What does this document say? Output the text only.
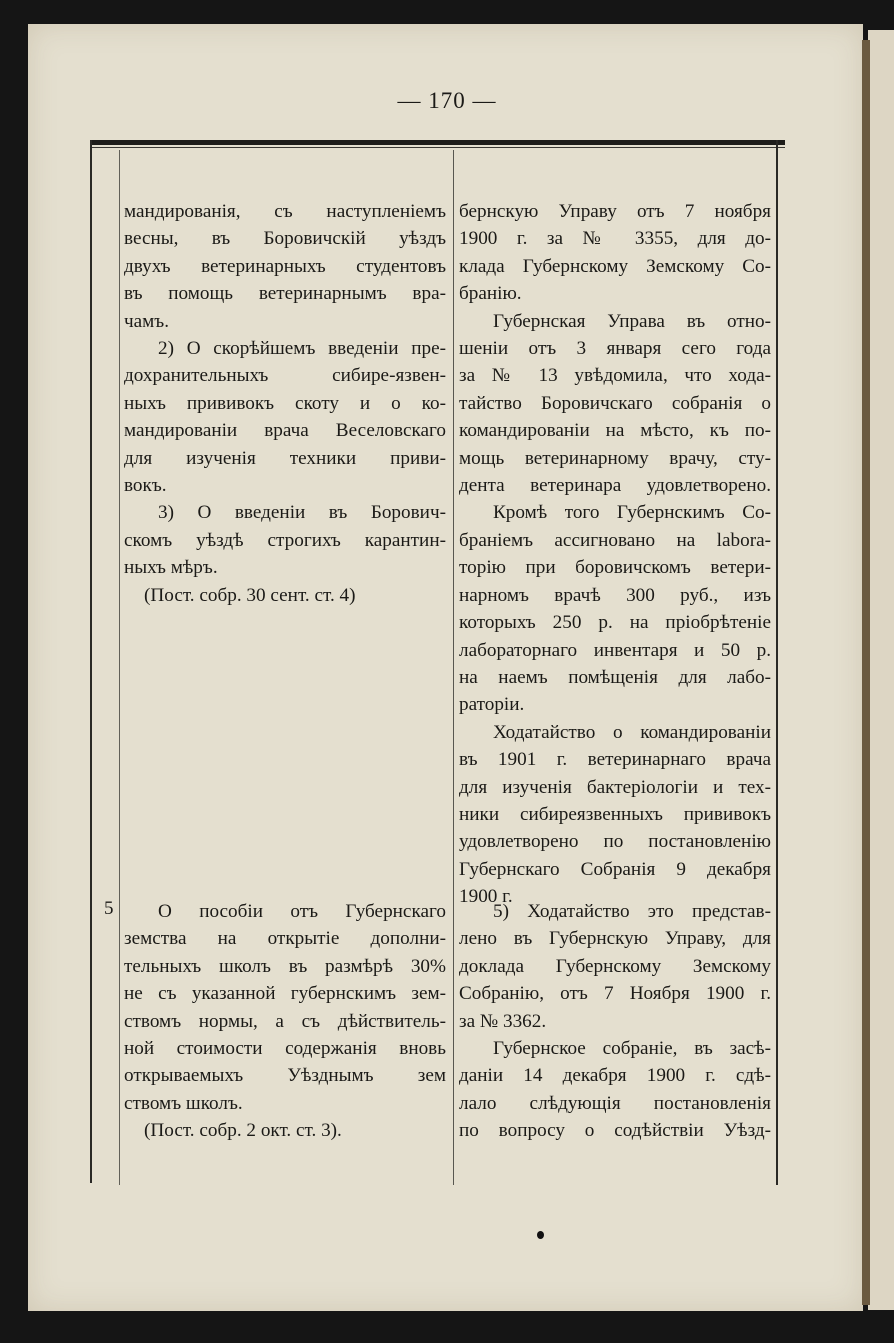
— 170 —

мандированія, съ наступленіемъ

весны, въ Боровичскій уѣздъ

двухъ ветеринарныхъ студентовъ

въ помощь ветеринарнымъ вра-

чамъ.

2) О скорѣйшемъ введеніи пре-

дохранительныхъ сибире-язвен-

ныхъ прививокъ скоту и о ко-

мандированіи врача Веселовскаго

для изученія техники приви-

вокъ.

3) О введеніи въ Борович-

скомъ уѣздѣ строгихъ карантин-

ныхъ мѣръ.

(Пост. собр. 30 сент. ст. 4)

бернскую Управу отъ 7 ноября

1900 г. за № 3355, для до-

клада Губернскому Земскому Со-

бранію.

Губернская Управа въ отно-

шеніи отъ 3 января сего года

за № 13 увѣдомила, что хода-

тайство Боровичскаго собранія о

командированіи на мѣсто, къ по-

мощь ветеринарному врачу, сту-

дента ветеринара удовлетворено.

Кромѣ того Губернскимъ Со-

браніемъ ассигновано на labora-

торію при боровичскомъ ветери-

нарномъ врачѣ 300 руб., изъ

которыхъ 250 р. на пріобрѣтеніе

лабораторнаго инвентаря и 50 р.

на наемъ помѣщенія для лабо-

раторіи.

Ходатайство о командированіи

въ 1901 г. ветеринарнаго врача

для изученія бактеріологіи и тех-

ники сибиреязвенныхъ прививокъ

удовлетворено по постановленію

Губернскаго Собранія 9 декабря

1900 г.

5	О пособіи отъ Губернскаго

земства на открытіе дополни-

тельныхъ школъ въ размѣрѣ 30%

не съ указанной губернскимъ зем-

ствомъ нормы, а съ дѣйствитель-

ной стоимости содержанія вновь

открываемыхъ Уѣзднымъ зем

ствомъ школъ.

(Пост. собр. 2 окт. ст. 3).

5) Ходатайство это представ-

лено въ Губернскую Управу, для

доклада Губернскому Земскому

Собранію, отъ 7 Ноября 1900 г.

за № 3362.

Губернское собраніе, въ засѣ-

даніи 14 декабря 1900 г. сдѣ-

лало слѣдующія постановленія

по вопросу о содѣйствіи Уѣзд-
